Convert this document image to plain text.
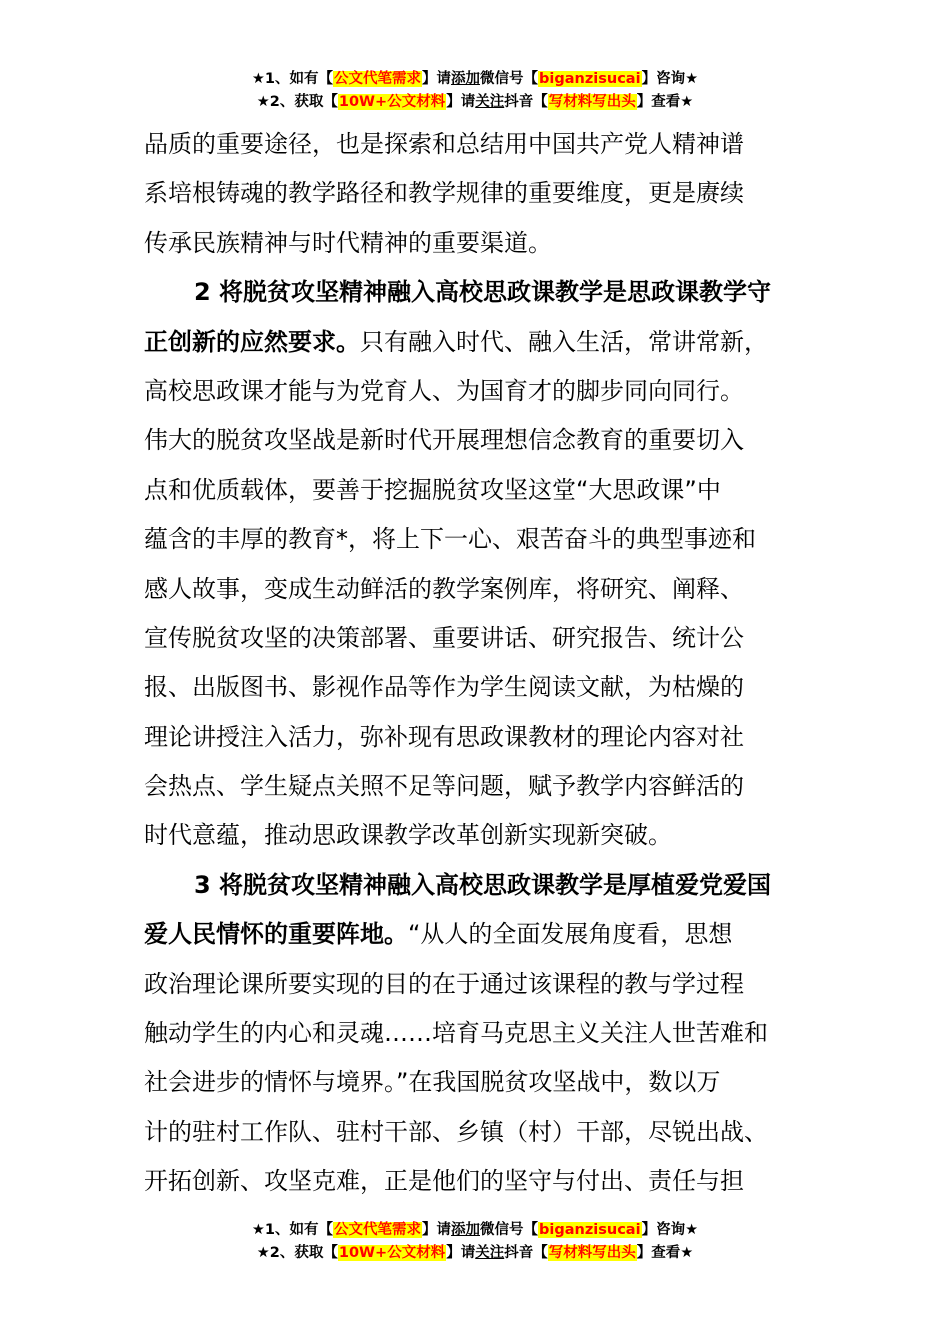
★1、如有【公文代笔需求】请添加微信号【biganzisucai】咨询★
★2、获取【10W+公文材料】请关注抖音【写材料写出头】查看★
品质的重要途径，也是探索和总结用中国共产党人精神谱
系培根铸魂的教学路径和教学规律的重要维度，更是赓续
传承民族精神与时代精神的重要渠道。
2 将脱贫攻坚精神融入高校思政课教学是思政课教学守
正创新的应然要求。只有融入时代、融入生活，常讲常新，
高校思政课才能与为党育人、为国育才的脚步同向同行。
伟大的脱贫攻坚战是新时代开展理想信念教育的重要切入
点和优质载体，要善于挖掘脱贫攻坚这堂“大思政课”中
蕴含的丰厚的教育*，将上下一心、艰苦奋斗的典型事迹和
感人故事，变成生动鲜活的教学案例库，将研究、阐释、
宣传脱贫攻坚的决策部署、重要讲话、研究报告、统计公
报、出版图书、影视作品等作为学生阅读文献，为枯燥的
理论讲授注入活力，弥补现有思政课教材的理论内容对社
会热点、学生疑点关照不足等问题，赋予教学内容鲜活的
时代意蕴，推动思政课教学改革创新实现新突破。
3 将脱贫攻坚精神融入高校思政课教学是厚植爱党爱国
爱人民情怀的重要阵地。“从人的全面发展角度看，思想
政治理论课所要实现的目的在于通过该课程的教与学过程
触动学生的内心和灵魂……培育马克思主义关注人世苦难和
社会进步的情怀与境界。”在我国脱贫攻坚战中，数以万
计的驻村工作队、驻村干部、乡镇（村）干部，尽锐出战、
开拓创新、攻坚克难，正是他们的坚守与付出、责任与担
★1、如有【公文代笔需求】请添加微信号【biganzisucai】咨询★
★2、获取【10W+公文材料】请关注抖音【写材料写出头】查看★
